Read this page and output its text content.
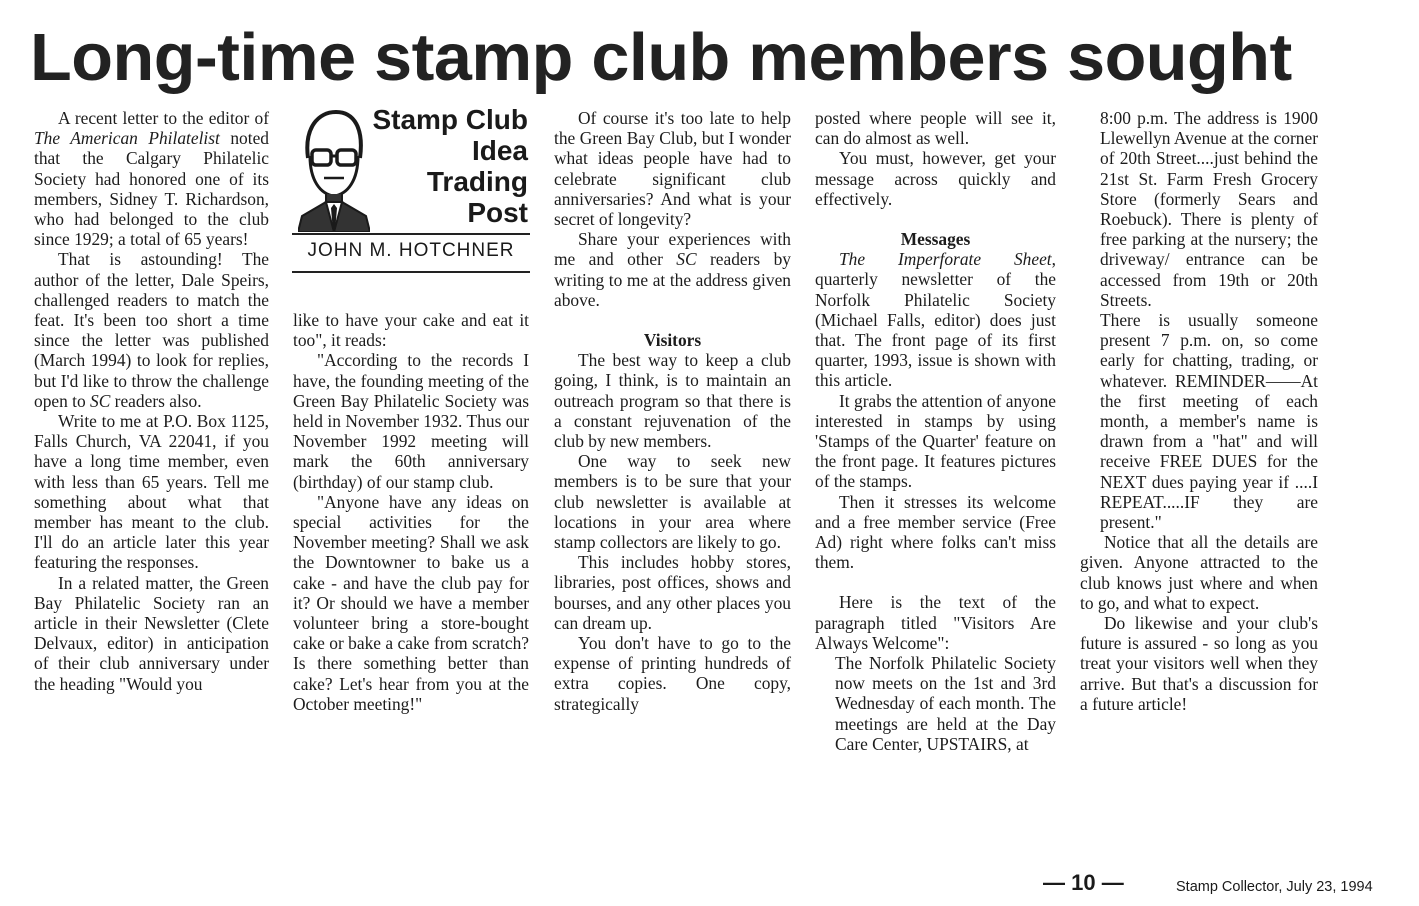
Long-time stamp club members sought
Stamp Club
Idea
Trading
Post
JOHN M. HOTCHNER

A recent letter to the editor of The American Philatelist noted that the Calgary Philatelic Society had honored one of its members, Sidney T. Richardson, who had belonged to the club since 1929; a total of 65 years!

That is astounding! The author of the letter, Dale Speirs, challenged readers to match the feat. It's been too short a time since the letter was published (March 1994) to look for replies, but I'd like to throw the challenge open to SC readers also.

Write to me at P.O. Box 1125, Falls Church, VA 22041, if you have a long time member, even with less than 65 years. Tell me something about what that member has meant to the club. I'll do an article later this year featuring the responses.

In a related matter, the Green Bay Philatelic Society ran an article in their Newsletter (Clete Delvaux, editor) in anticipation of their club anniversary under the heading "Would you

like to have your cake and eat it too", it reads:

"According to the records I have, the founding meeting of the Green Bay Philatelic Society was held in November 1932. Thus our November 1992 meeting will mark the 60th anniversary (birthday) of our stamp club.

"Anyone have any ideas on special activities for the November meeting? Shall we ask the Downtowner to bake us a cake - and have the club pay for it? Or should we have a member volunteer bring a store-bought cake or bake a cake from scratch? Is there something better than cake? Let's hear from you at the October meeting!"

Of course it's too late to help the Green Bay Club, but I wonder what ideas people have had to celebrate significant club anniversaries? And what is your secret of longevity?

Share your experiences with me and other SC readers by writing to me at the address given above.

Visitors

The best way to keep a club going, I think, is to maintain an outreach program so that there is a constant rejuvenation of the club by new members.

One way to seek new members is to be sure that your club newsletter is available at locations in your area where stamp collectors are likely to go.

This includes hobby stores, libraries, post offices, shows and bourses, and any other places you can dream up.

You don't have to go to the expense of printing hundreds of extra copies. One copy, strategically

posted where people will see it, can do almost as well.

You must, however, get your message across quickly and effectively.

Messages

The Imperforate Sheet, quarterly newsletter of the Norfolk Philatelic Society (Michael Falls, editor) does just that. The front page of its first quarter, 1993, issue is shown with this article.

It grabs the attention of anyone interested in stamps by using 'Stamps of the Quarter' feature on the front page. It features pictures of the stamps.

Then it stresses its welcome and a free member service (Free Ad) right where folks can't miss them.

Here is the text of the paragraph titled "Visitors Are Always Welcome":

The Norfolk Philatelic Society now meets on the 1st and 3rd Wednesday of each month. The meetings are held at the Day Care Center, UPSTAIRS, at

8:00 p.m. The address is 1900 Llewellyn Avenue at the corner of 20th Street....just behind the 21st St. Farm Fresh Grocery Store (formerly Sears and Roebuck). There is plenty of free parking at the nursery; the driveway/ entrance can be accessed from 19th or 20th Streets.

There is usually someone present 7 p.m. on, so come early for chatting, trading, or whatever. REMINDER——At the first meeting of each month, a member's name is drawn from a "hat" and will receive FREE DUES for the NEXT dues paying year if ....I REPEAT.....IF they are present."

Notice that all the details are given. Anyone attracted to the club knows just where and when to go, and what to expect.

Do likewise and your club's future is assured - so long as you treat your visitors well when they arrive. But that's a discussion for a future article!

— 10 —	Stamp Collector, July 23, 1994
